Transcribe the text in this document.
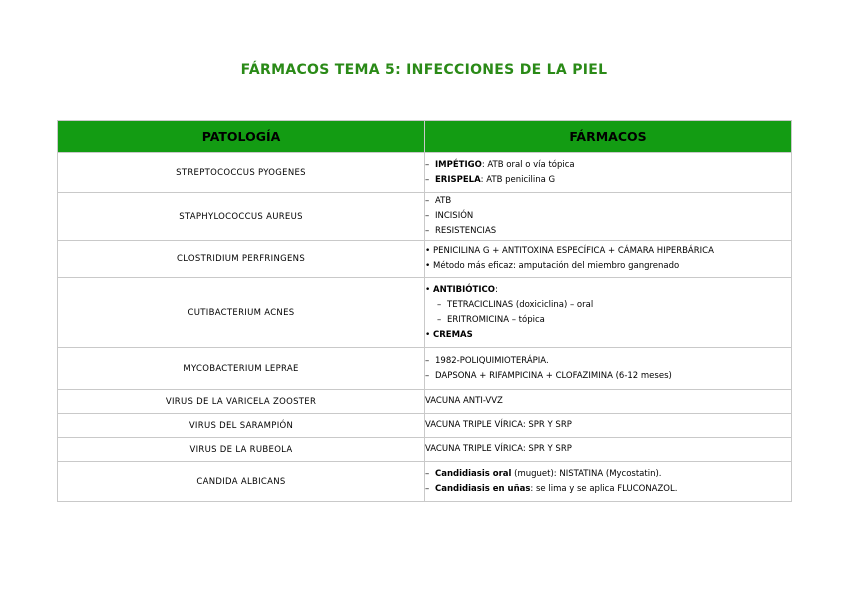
FÁRMACOS TEMA 5: INFECCIONES DE LA PIEL
PATOLOGÍA	FÁRMACOS
STREPTOCOCCUS PYOGENES	– IMPÉTIGO: ATB oral o vía tópica
– ERISPELA: ATB penicilina G

STAPHYLOCOCCUS AUREUS	– ATB
– INCISIÓN
– RESISTENCIAS

CLOSTRIDIUM PERFRINGENS	• PENICILINA G + ANTITOXINA ESPECÍFICA + CÁMARA HIPERBÁRICA
• Método más eficaz: amputación del miembro gangrenado

CUTIBACTERIUM ACNES	• ANTIBIÓTICO:
– TETRACICLINAS (doxiciclina) – oral
– ERITROMICINA – tópica
• CREMAS

MYCOBACTERIUM LEPRAE	– 1982-POLIQUIMIOTERÁPIA.
– DAPSONA + RIFAMPICINA + CLOFAZIMINA (6-12 meses)

VIRUS DE LA VARICELA ZOOSTER	VACUNA ANTI-VVZ

VIRUS DEL SARAMPIÓN	VACUNA TRIPLE VÍRICA: SPR Y SRP

VIRUS DE LA RUBEOLA	VACUNA TRIPLE VÍRICA: SPR Y SRP

CANDIDA ALBICANS	– Candidiasis oral (muguet): NISTATINA (Mycostatin).
– Candidiasis en uñas: se lima y se aplica FLUCONAZOL.
